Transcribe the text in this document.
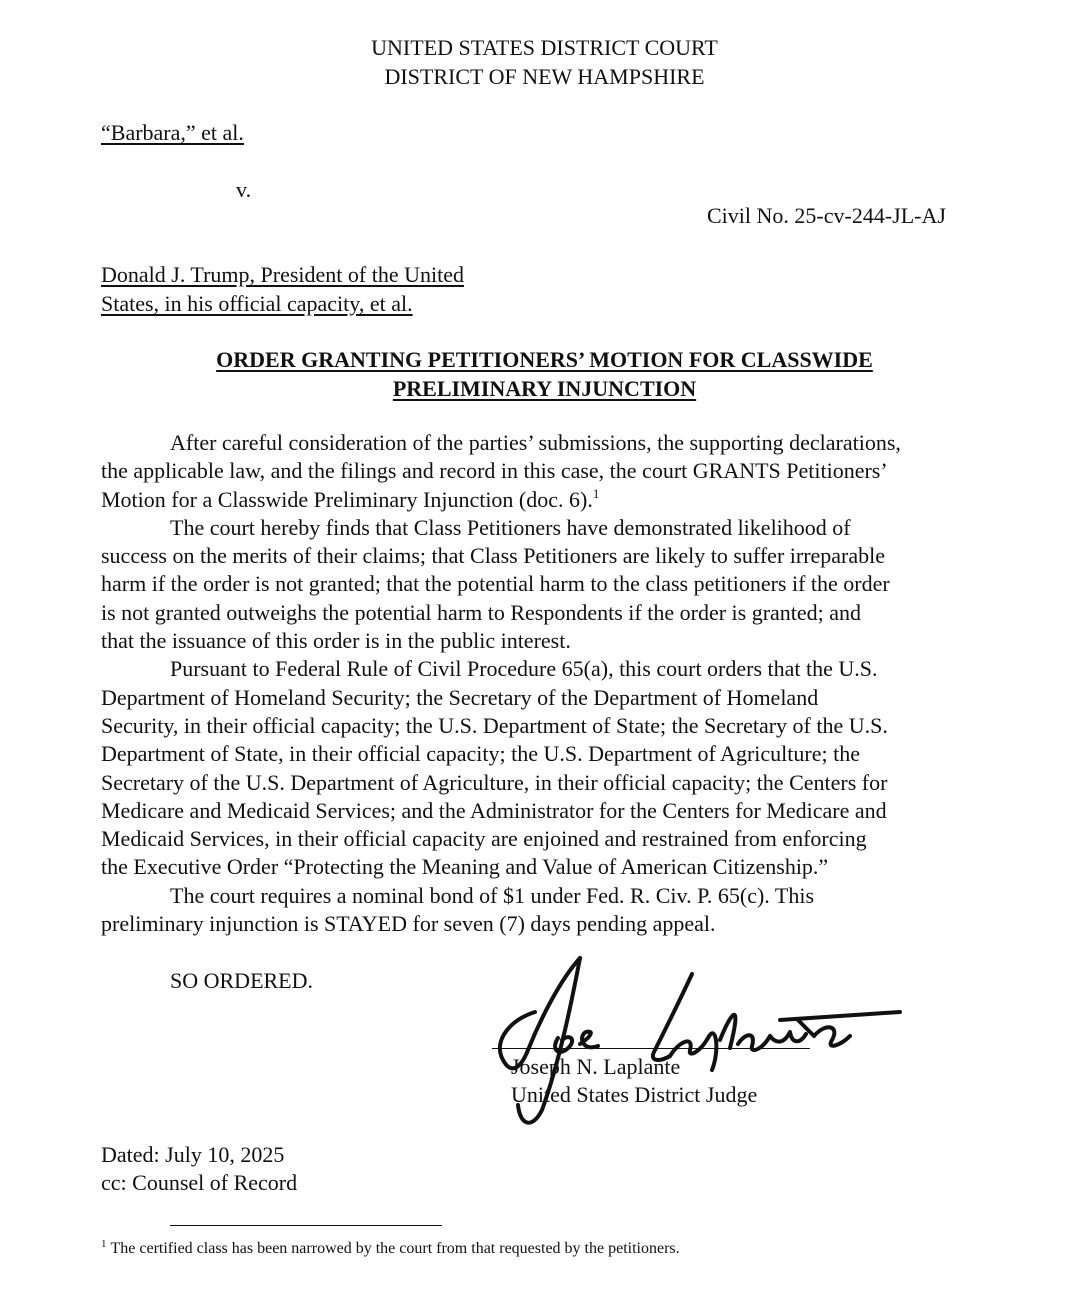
UNITED STATES DISTRICT COURT
DISTRICT OF NEW HAMPSHIRE
“Barbara,” et al.
v.
Civil No. 25-cv-244-JL-AJ
Donald J. Trump, President of the United
States, in his official capacity, et al.
ORDER GRANTING PETITIONERS’ MOTION FOR CLASSWIDE
PRELIMINARY INJUNCTION
After careful consideration of the parties’ submissions, the supporting declarations,
the applicable law, and the filings and record in this case, the court GRANTS Petitioners’
Motion for a Classwide Preliminary Injunction (doc. 6).$^1$
The court hereby finds that Class Petitioners have demonstrated likelihood of
success on the merits of their claims; that Class Petitioners are likely to suffer irreparable
harm if the order is not granted; that the potential harm to the class petitioners if the order
is not granted outweighs the potential harm to Respondents if the order is granted; and
that the issuance of this order is in the public interest.
Pursuant to Federal Rule of Civil Procedure 65(a), this court orders that the U.S.
Department of Homeland Security; the Secretary of the Department of Homeland
Security, in their official capacity; the U.S. Department of State; the Secretary of the U.S.
Department of State, in their official capacity; the U.S. Department of Agriculture; the
Secretary of the U.S. Department of Agriculture, in their official capacity; the Centers for
Medicare and Medicaid Services; and the Administrator for the Centers for Medicare and
Medicaid Services, in their official capacity are enjoined and restrained from enforcing
the Executive Order “Protecting the Meaning and Value of American Citizenship.”
The court requires a nominal bond of $1 under Fed. R. Civ. P. 65(c). This
preliminary injunction is STAYED for seven (7) days pending appeal.
SO ORDERED.
Joseph N. Laplante
United States District Judge
Dated: July 10, 2025
cc: Counsel of Record
$^1$ The certified class has been narrowed by the court from that requested by the petitioners.
